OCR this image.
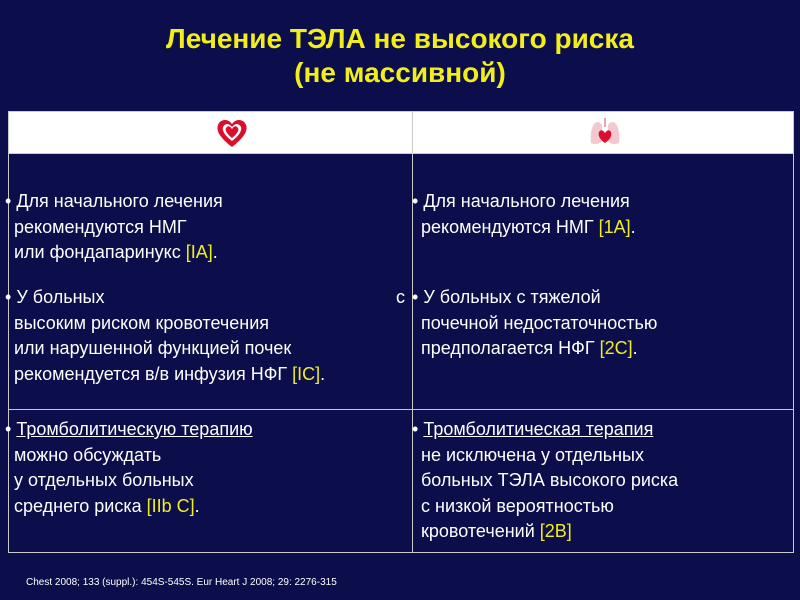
Лечение ТЭЛА не высокого риска
(не массивной)
• Для начального лечения
рекомендуются НМГ
или фондапаринукс [IA].
• Для начального лечения
рекомендуются НМГ [1A].
• У больных	с
высоким риском кровотечения
или нарушенной функцией почек
рекомендуется в/в инфузия НФГ [IC].
• У больных с тяжелой
почечной недостаточностью
предполагается НФГ [2C].
• Тромболитическую терапию
можно обсуждать
у отдельных больных
среднего риска [IIb C].
• Тромболитическая терапия
не исключена у отдельных
больных ТЭЛА высокого риска
с низкой вероятностью
кровотечений [2B]
Chest 2008; 133 (suppl.): 454S-545S. Eur Heart J 2008; 29: 2276-315
